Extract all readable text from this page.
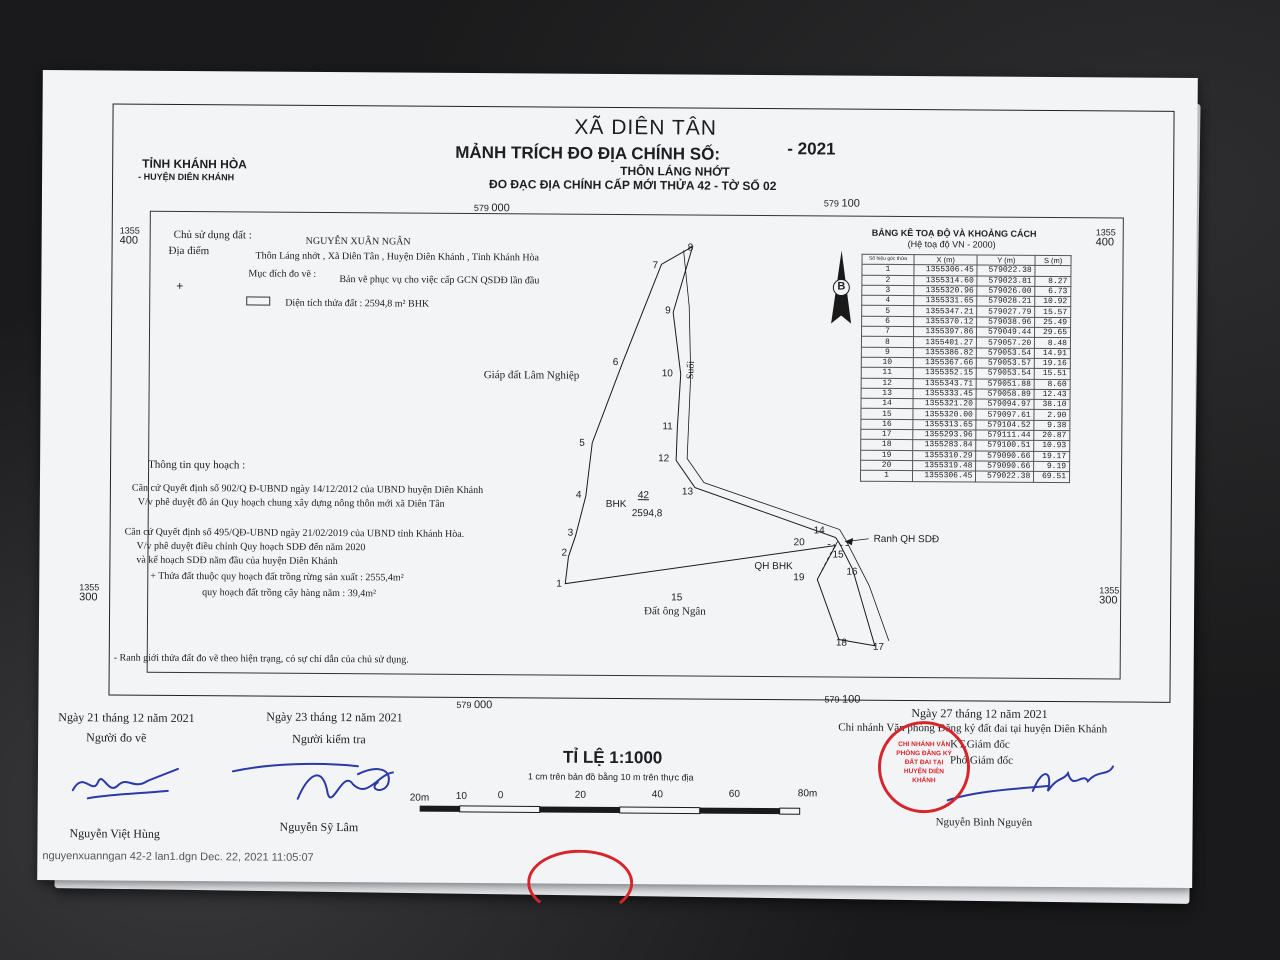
XÃ DIÊN TÂN
MẢNH TRÍCH ĐO ĐỊA CHÍNH SỐ:	- 2021
THÔN LÁNG NHỚT
ĐO ĐẠC ĐỊA CHÍNH CẤP MỚI THỬA 42 - TỜ SỐ 02
TỈNH KHÁNH HÒA
- HUYỆN DIÊN KHÁNH
579 000	579 100
579 000	579 100
1355
400
1355
300
1355
400
1355
300
Chủ sử dụng đất :
NGUYỄN XUÂN NGÂN
Địa điểm	Thôn Láng nhớt , Xã Diên Tân , Huyện Diên Khánh , Tỉnh Khánh Hòa
Mục đích đo vẽ : Bản vẽ phục vụ cho việc cấp GCN QSDĐ lần đầu
Diện tích thửa đất : 2594,8 m² BHK
+	B
1
2
3
4
5
6
7
8
9
10
11
12
13
14
15
16
17
18
19
20
Giáp đất Lâm Nghiệp	Suối
BHK
42
2594,8
Ranh QH SDĐ
QH BHK
15
Đất ông Ngân
Thông tin quy hoạch :
Căn cứ Quyết định số 902/Q Đ-UBND ngày 14/12/2012 của UBND huyện Diên Khánh
V/v phê duyệt đồ án Quy hoạch chung xây dựng nông thôn mới xã Diên Tân
Căn cứ Quyết định số 495/QĐ-UBND ngày 21/02/2019 của UBND tỉnh Khánh Hòa.
V/v phê duyệt điều chỉnh Quy hoạch SDĐ đến năm 2020
và kế hoạch SDĐ năm đầu của huyện Diên Khánh
+ Thửa đất thuộc quy hoạch đất trồng rừng sản xuất : 2555,4m²
quy hoạch đất trồng cây hàng năm : 39,4m²
- Ranh giới thửa đất đo vẽ theo hiện trạng, có sự chỉ dẫn của chủ sử dụng.
BẢNG KÊ TOẠ ĐỘ VÀ KHOẢNG CÁCH
(Hệ toạ độ VN - 2000)
Số hiệu góc thửa	X (m)	Y (m)	S (m)
1	1355306.45	579022.38	
2	1355314.60	579023.81	8.27
3	1355320.96	579026.00	6.73
4	1355331.65	579028.21	10.92
5	1355347.21	579027.79	15.57
6	1355370.12	579038.96	25.49
7	1355397.86	579049.44	29.65
8	1355401.27	579057.20	8.48
9	1355386.82	579053.54	14.91
10	1355367.66	579053.57	19.16
11	1355352.15	579053.54	15.51
12	1355343.71	579051.88	8.60
13	1355333.45	579058.89	12.43
14	1355321.20	579094.97	38.10
15	1355320.00	579097.61	2.90
16	1355313.65	579104.52	9.38
17	1355293.96	579111.44	20.87
18	1355283.84	579100.51	10.93
19	1355310.29	579090.66	19.17
20	1355319.48	579090.66	9.19
1	1355306.45	579022.38	69.51
Ngày 21 tháng 12 năm 2021
Người đo vẽ
Nguyễn Việt Hùng
Ngày 23 tháng 12 năm 2021
Người kiểm tra
Nguyễn Sỹ Lâm
TỈ LỆ 1:1000
1 cm trên bản đồ bằng 10 m trên thực địa
20m	10	0	20	40	60	80m
Ngày 27 tháng 12 năm 2021
Chi nhánh Văn phòng Đăng ký đất đai tại huyện Diên Khánh
KT.Giám đốc
Phó Giám đốc
Nguyễn Bình Nguyên
CHI NHÁNH VĂN PHÒNG ĐĂNG KÝ ĐẤT ĐAI TẠI HUYỆN DIÊN KHÁNH
nguyenxuanngan 42-2 lan1.dgn Dec. 22, 2021 11:05:07
